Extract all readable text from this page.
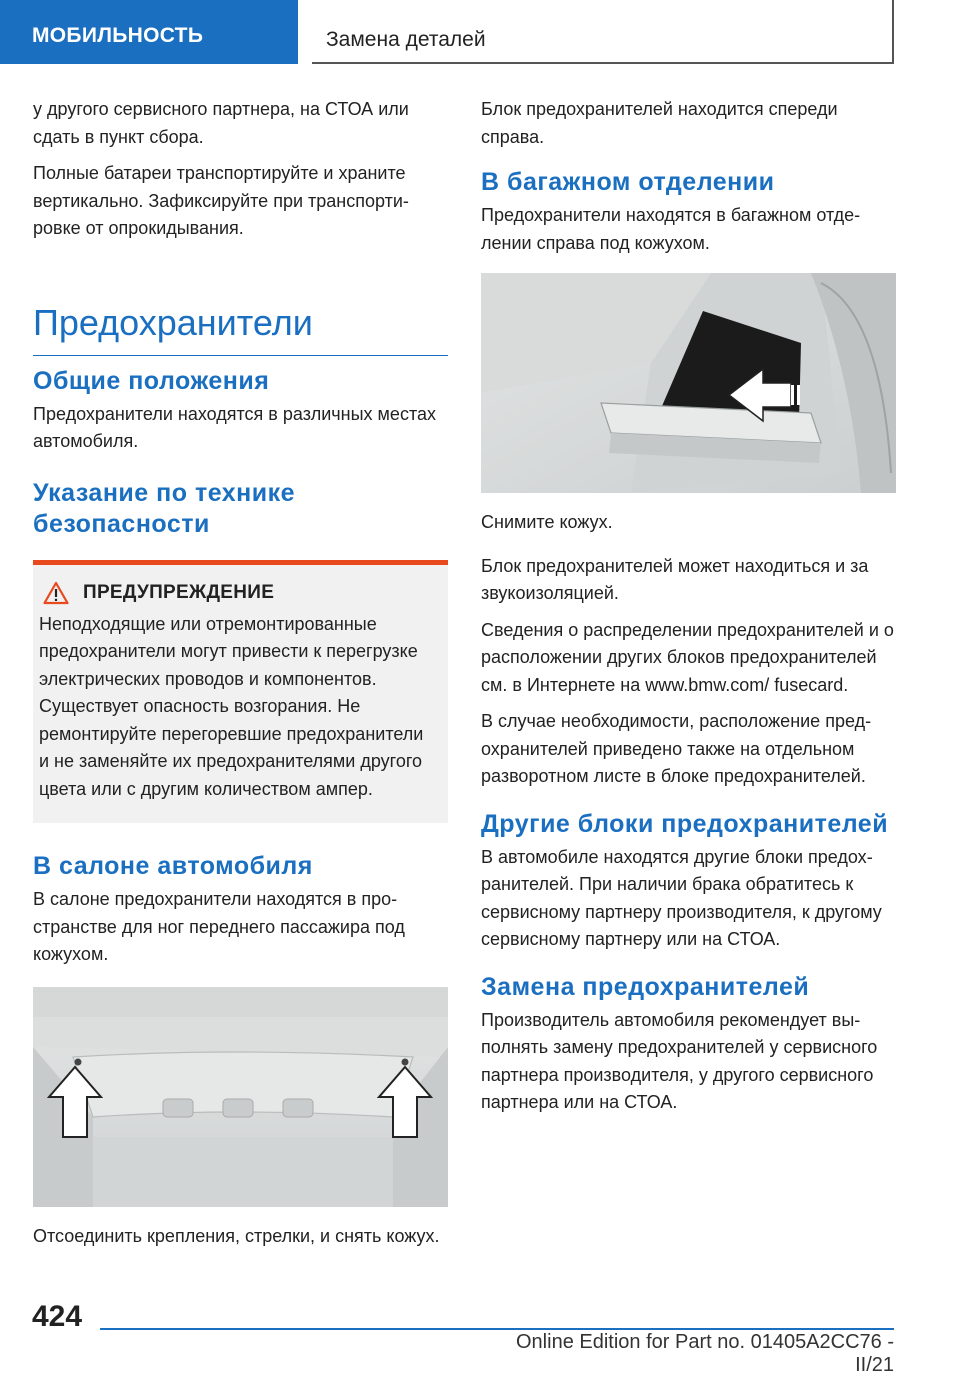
МОБИЛЬНОСТЬ	Замена деталей

у другого сервисного партнера, на СТОА или сдать в пункт сбора.

Полные батареи транспортируйте и храните вертикально. Зафиксируйте при транспортировке от опрокидывания.

Предохранители
Общие положения

Предохранители находятся в различных местах автомобиля.

Указание по технике безопасности
ПРЕДУПРЕЖДЕНИЕ

Неподходящие или отремонтированные предохранители могут привести к перегрузке электрических проводов и компонентов. Существует опасность возгорания. Не ремонтируйте перегоревшие предохранители и не заменяйте их предохранителями другого цвета или с другим количеством ампер.

В салоне автомобиля

В салоне предохранители находятся в пространстве для ног переднего пассажира под кожухом.

Отсоединить крепления, стрелки, и снять кожух.

Блок предохранителей находится спереди справа.

В багажном отделении

Предохранители находятся в багажном отделении справа под кожухом.

Снимите кожух.

Блок предохранителей может находиться и за звукоизоляцией.

Сведения о распределении предохранителей и о расположении других блоков предохранителей см. в Интернете на www.bmw.com/ fusecard.

В случае необходимости, расположение предохранителей приведено также на отдельном разворотном листе в блоке предохранителей.

Другие блоки предохранителей

В автомобиле находятся другие блоки предохранителей. При наличии брака обратитесь к сервисному партнеру производителя, к другому сервисному партнеру или на СТОА.

Замена предохранителей

Производитель автомобиля рекомендует выполнять замену предохранителей у сервисного партнера производителя, у другого сервисного партнера или на СТОА.

424
Online Edition for Part no. 01405A2CC76 - II/21
